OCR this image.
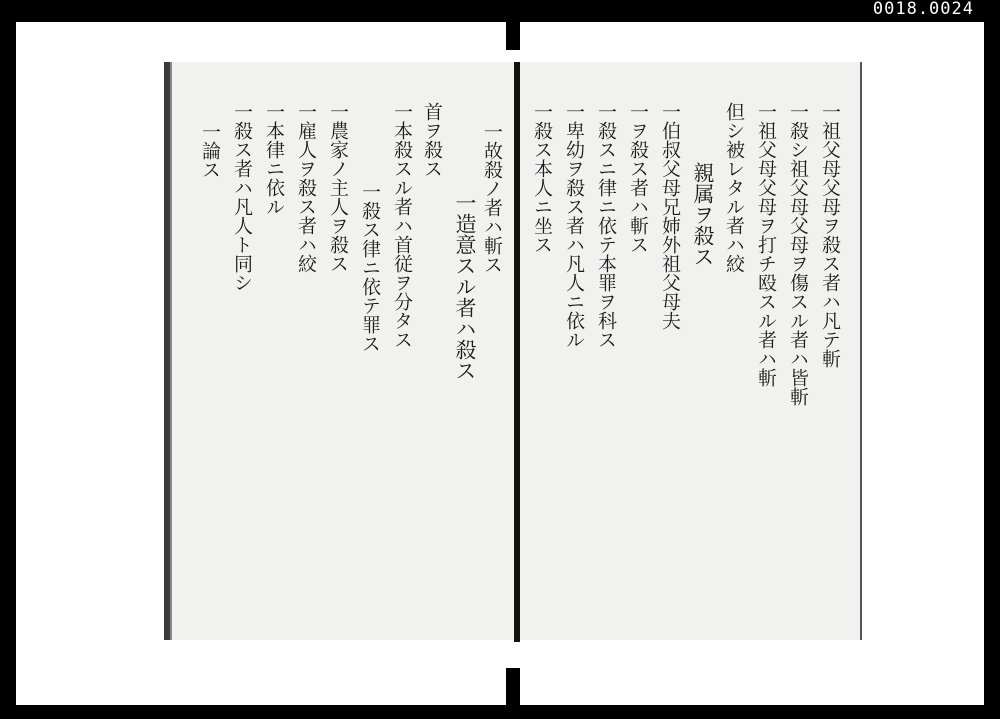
0018.0024
一故殺ノ者ハ斬ス
一造意スル者ハ殺ス
首ヲ殺ス
一本殺スル者ハ首従ヲ分タス
一殺ス律ニ依テ罪ス
一農家ノ主人ヲ殺ス
一雇人ヲ殺ス者ハ絞
一本律ニ依ル
一殺ス者ハ凡人ト同シ
一論ス	一祖父母父母ヲ殺ス者ハ凡テ斬
一殺シ祖父母父母ヲ傷スル者ハ皆斬
一祖父母父母ヲ打チ殴スル者ハ斬
但シ被レタル者ハ絞
親属ヲ殺ス
一伯叔父母兄姉外祖父母夫
一ヲ殺ス者ハ斬ス
一殺スニ律ニ依テ本罪ヲ科ス
一卑幼ヲ殺ス者ハ凡人ニ依ル
一殺ス本人ニ坐ス
